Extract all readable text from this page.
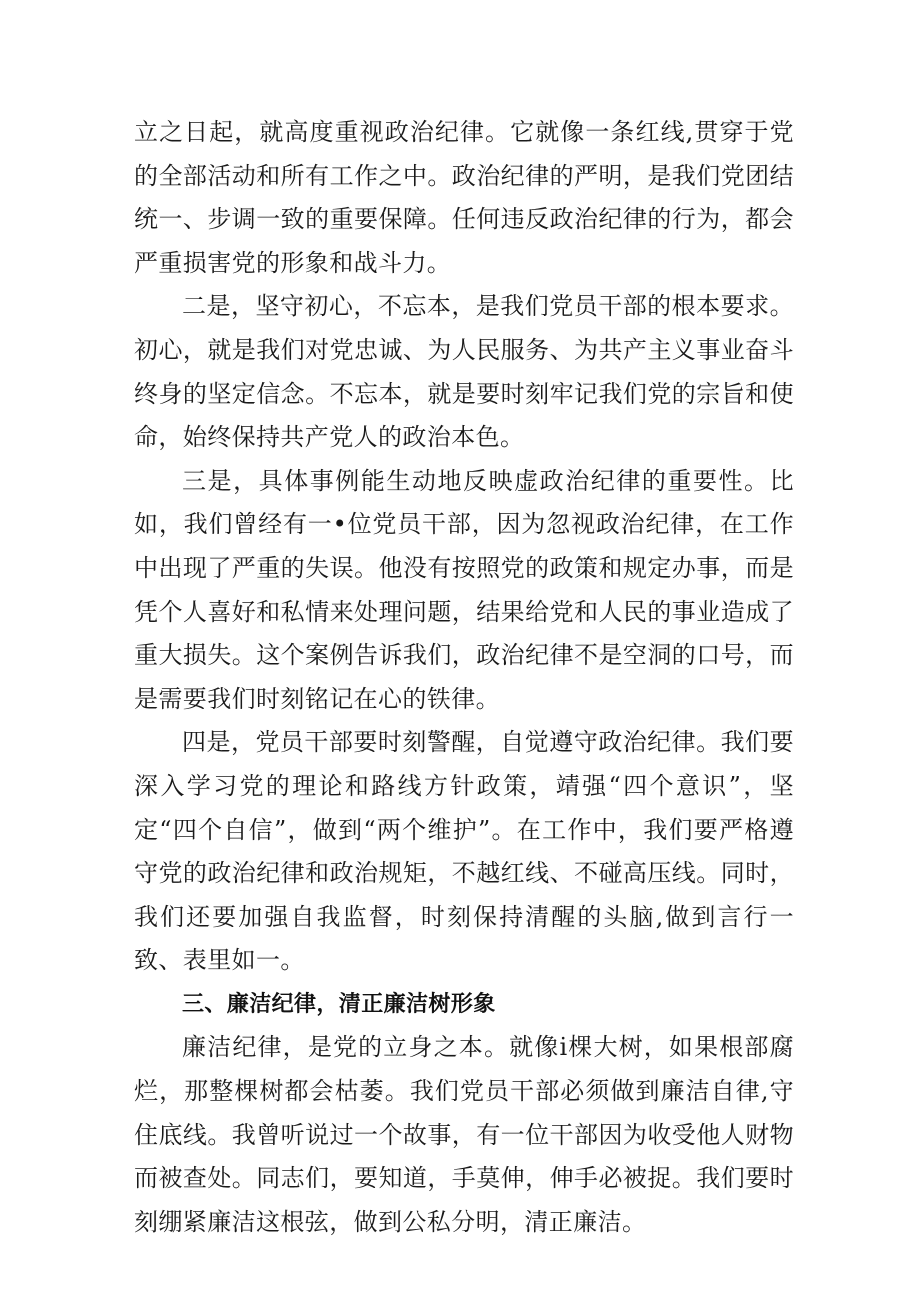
立之日起，就高度重视政治纪律。它就像一条红线,贯穿于党的全部活动和所有工作之中。政治纪律的严明，是我们党团结统一、步调一致的重要保障。任何违反政治纪律的行为，都会严重损害党的形象和战斗力。

二是，坚守初心，不忘本，是我们党员干部的根本要求。初心，就是我们对党忠诚、为人民服务、为共产主义事业奋斗终身的坚定信念。不忘本，就是要时刻牢记我们党的宗旨和使命，始终保持共产党人的政治本色。

三是，具体事例能生动地反映虚政治纪律的重要性。比如，我们曾经有一•位党员干部，因为忽视政治纪律，在工作中出现了严重的失误。他没有按照党的政策和规定办事，而是凭个人喜好和私情来处理问题，结果给党和人民的事业造成了重大损失。这个案例告诉我们，政治纪律不是空洞的口号，而是需要我们时刻铭记在心的铁律。

四是，党员干部要时刻警醒，自觉遵守政治纪律。我们要深入学习党的理论和路线方针政策，靖强“四个意识”，坚定“四个自信”，做到“两个维护”。在工作中，我们要严格遵守党的政治纪律和政治规矩，不越红线、不碰高压线。同时，我们还要加强自我监督，时刻保持清醒的头脑,做到言行一致、表里如一。

三、廉洁纪律，清正廉洁树形象

廉洁纪律，是党的立身之本。就像i棵大树，如果根部腐烂，那整棵树都会枯萎。我们党员干部必须做到廉洁自律,守住底线。我曾听说过一个故事，有一位干部因为收受他人财物而被查处。同志们，要知道，手莫伸，伸手必被捉。我们要时刻绷紧廉洁这根弦，做到公私分明，清正廉洁。
